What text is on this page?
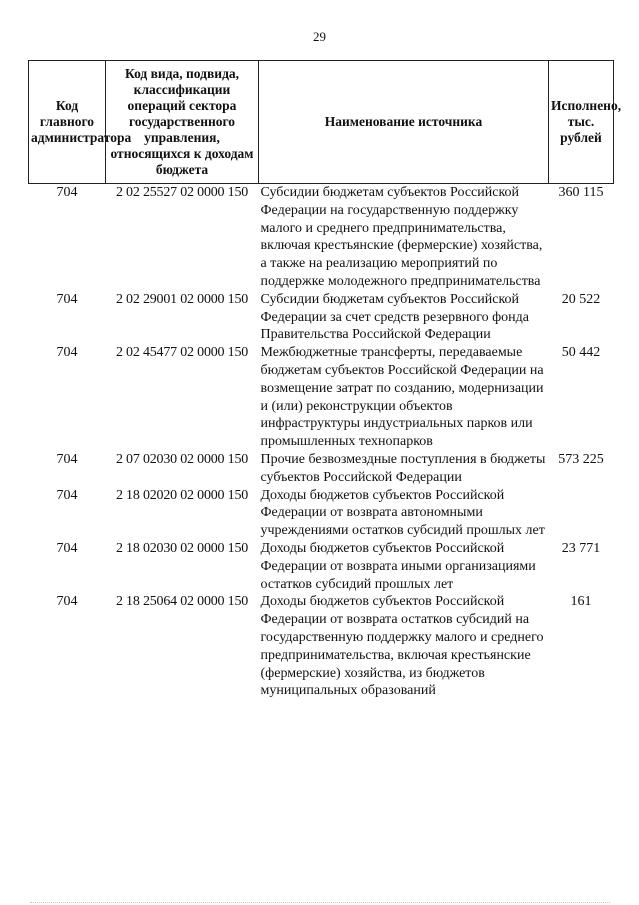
29
Код главного администратора	Код вида, подвида, классификации операций сектора государственного управления, относящихся к доходам бюджета	Наименование источника	Исполнено, тыс. рублей
704	2 02 25527 02 0000 150	Субсидии бюджетам субъектов Российской Федерации на государственную поддержку малого и среднего предпринимательства, включая крестьянские (фермерские) хозяйства, а также на реализацию мероприятий по поддержке молодежного предпринимательства	360 115
704	2 02 29001 02 0000 150	Субсидии бюджетам субъектов Российской Федерации за счет средств резервного фонда Правительства Российской Федерации	20 522
704	2 02 45477 02 0000 150	Межбюджетные трансферты, передаваемые бюджетам субъектов Российской Федерации на возмещение затрат по созданию, модернизации и (или) реконструкции объектов инфраструктуры индустриальных парков или промышленных технопарков	50 442
704	2 07 02030 02 0000 150	Прочие безвозмездные поступления в бюджеты субъектов Российской Федерации	573 225
704	2 18 02020 02 0000 150	Доходы бюджетов субъектов Российской Федерации от возврата автономными учреждениями остатков субсидий прошлых лет	
704	2 18 02030 02 0000 150	Доходы бюджетов субъектов Российской Федерации от возврата иными организациями остатков субсидий прошлых лет	23 771
704	2 18 25064 02 0000 150	Доходы бюджетов субъектов Российской Федерации от возврата остатков субсидий на государственную поддержку малого и среднего предпринимательства, включая крестьянские (фермерские) хозяйства, из бюджетов муниципальных образований	161
